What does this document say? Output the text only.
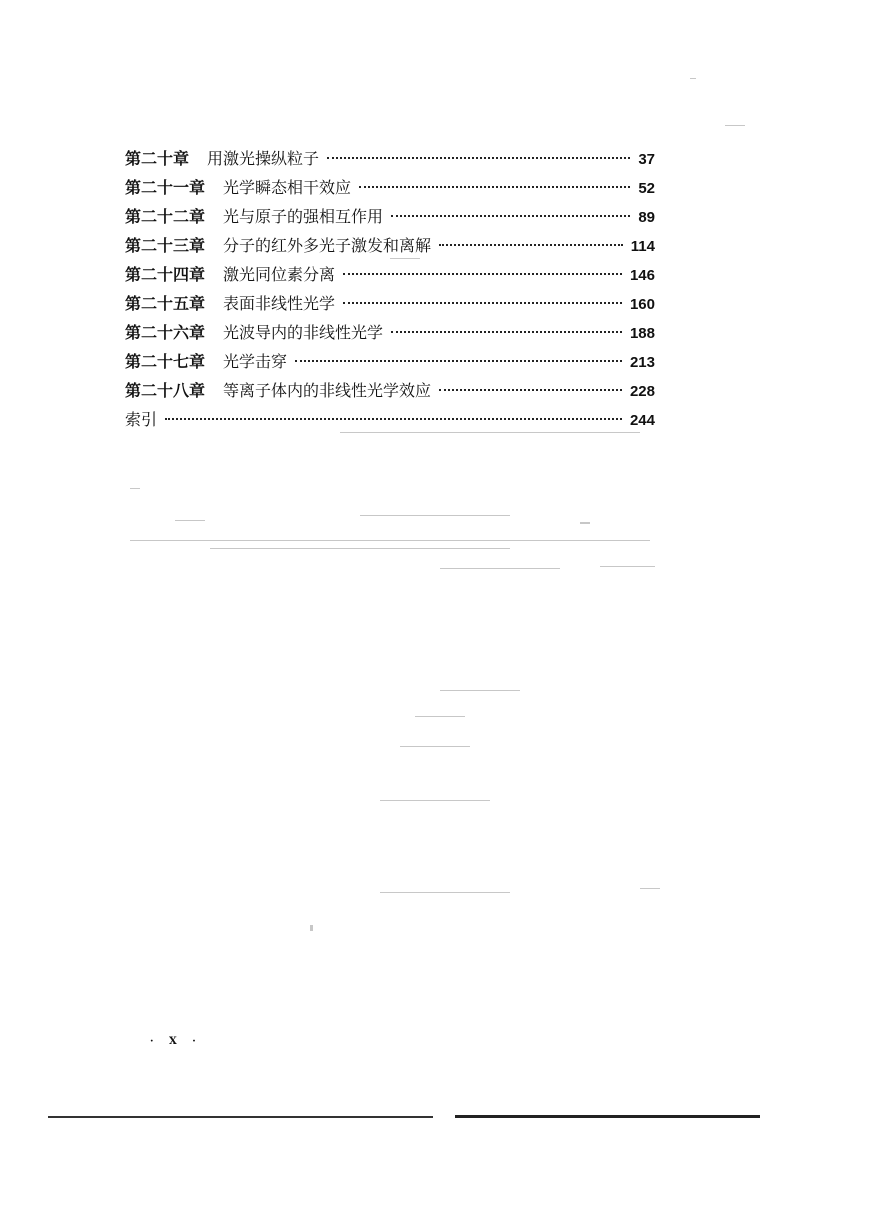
第二十章 用激光操纵粒子	37
第二十一章 光学瞬态相干效应	52
第二十二章 光与原子的强相互作用	89
第二十三章 分子的红外多光子激发和离解	114
第二十四章 激光同位素分离	146
第二十五章 表面非线性光学	160
第二十六章 光波导内的非线性光学	188
第二十七章 光学击穿	213
第二十八章 等离子体内的非线性光学效应	228
索引	244
· Ⅹ ·
